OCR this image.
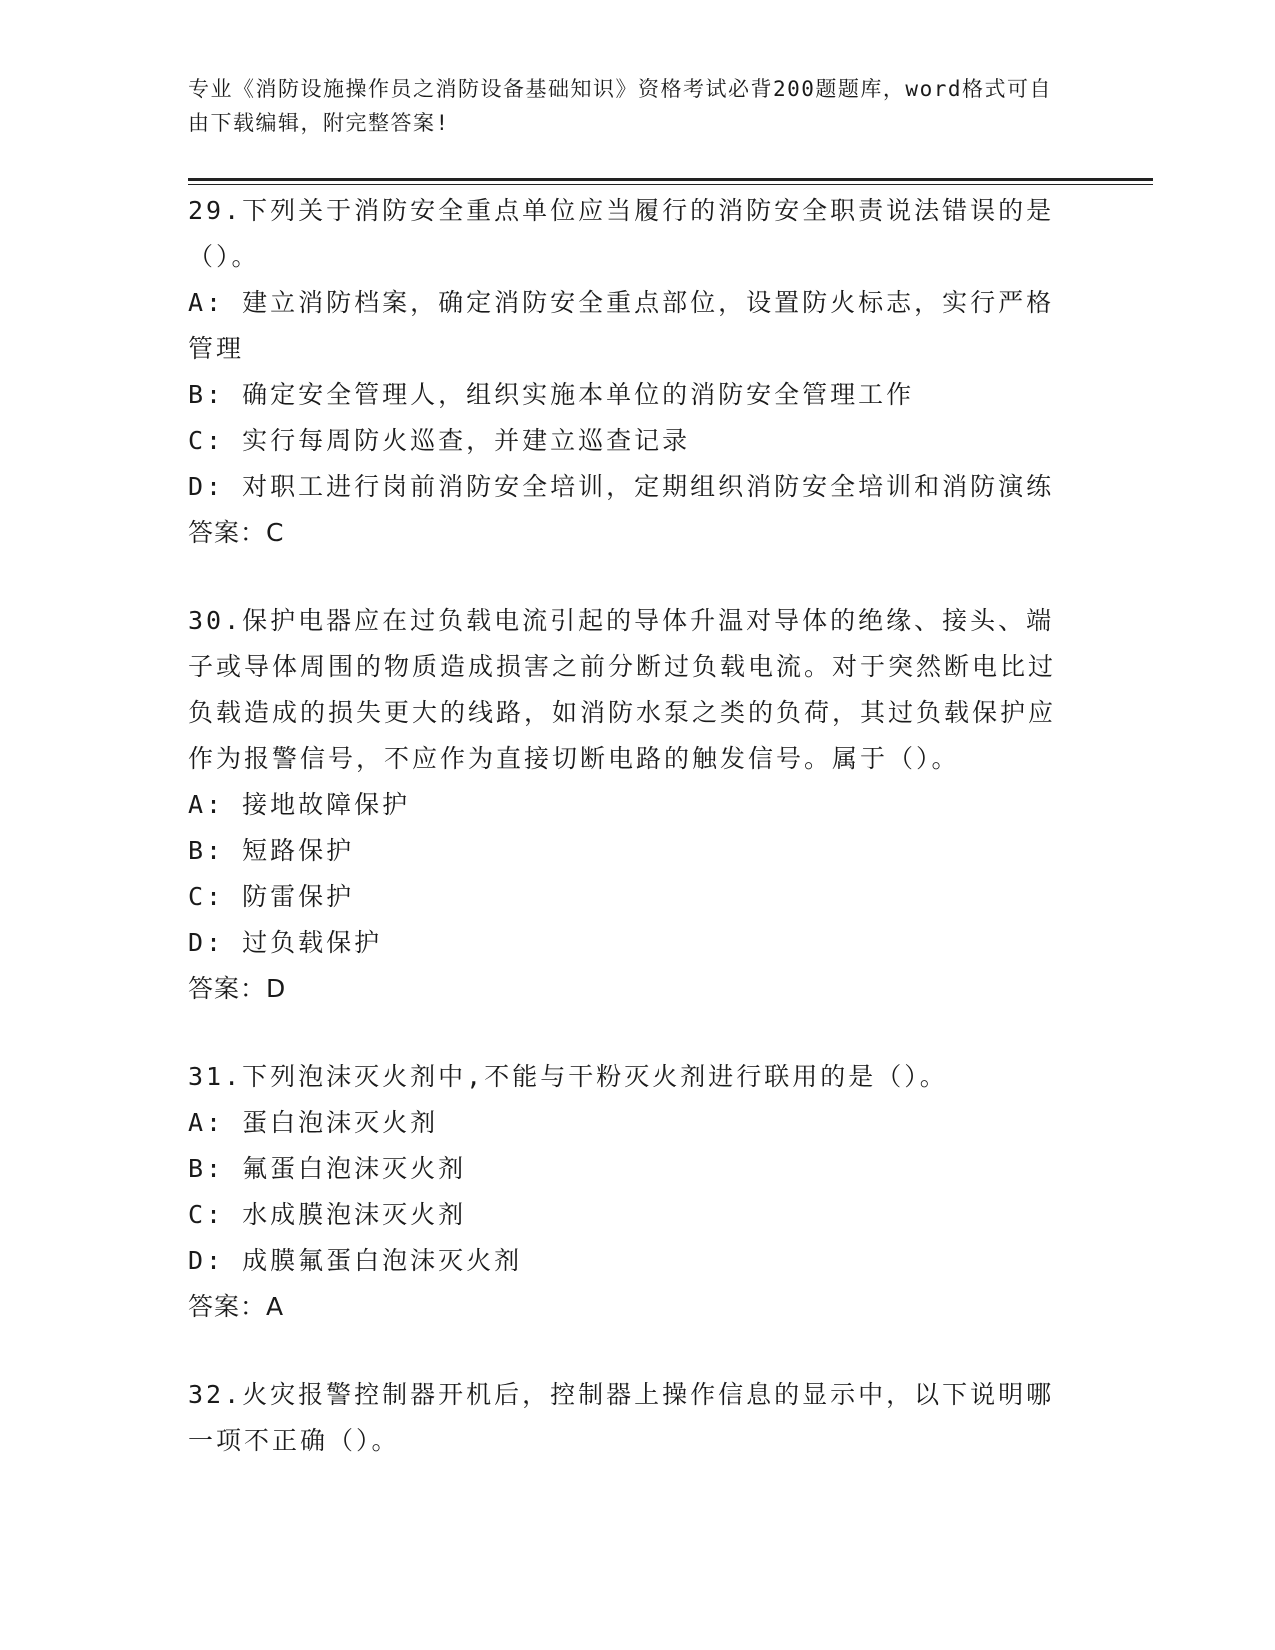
专业《消防设施操作员之消防设备基础知识》资格考试必背200题题库，word格式可自由下载编辑，附完整答案!

29.下列关于消防安全重点单位应当履行的消防安全职责说法错误的是（）。

A: 建立消防档案，确定消防安全重点部位，设置防火标志，实行严格管理

B: 确定安全管理人，组织实施本单位的消防安全管理工作

C: 实行每周防火巡查，并建立巡查记录

D: 对职工进行岗前消防安全培训，定期组织消防安全培训和消防演练

答案：C

30.保护电器应在过负载电流引起的导体升温对导体的绝缘、接头、端子或导体周围的物质造成损害之前分断过负载电流。对于突然断电比过负载造成的损失更大的线路，如消防水泵之类的负荷，其过负载保护应作为报警信号，不应作为直接切断电路的触发信号。属于（）。

A: 接地故障保护

B: 短路保护

C: 防雷保护

D: 过负载保护

答案：D

31.下列泡沫灭火剂中,不能与干粉灭火剂进行联用的是（）。

A: 蛋白泡沫灭火剂

B: 氟蛋白泡沫灭火剂

C: 水成膜泡沫灭火剂

D: 成膜氟蛋白泡沫灭火剂

答案：A

32.火灾报警控制器开机后，控制器上操作信息的显示中，以下说明哪一项不正确（）。
